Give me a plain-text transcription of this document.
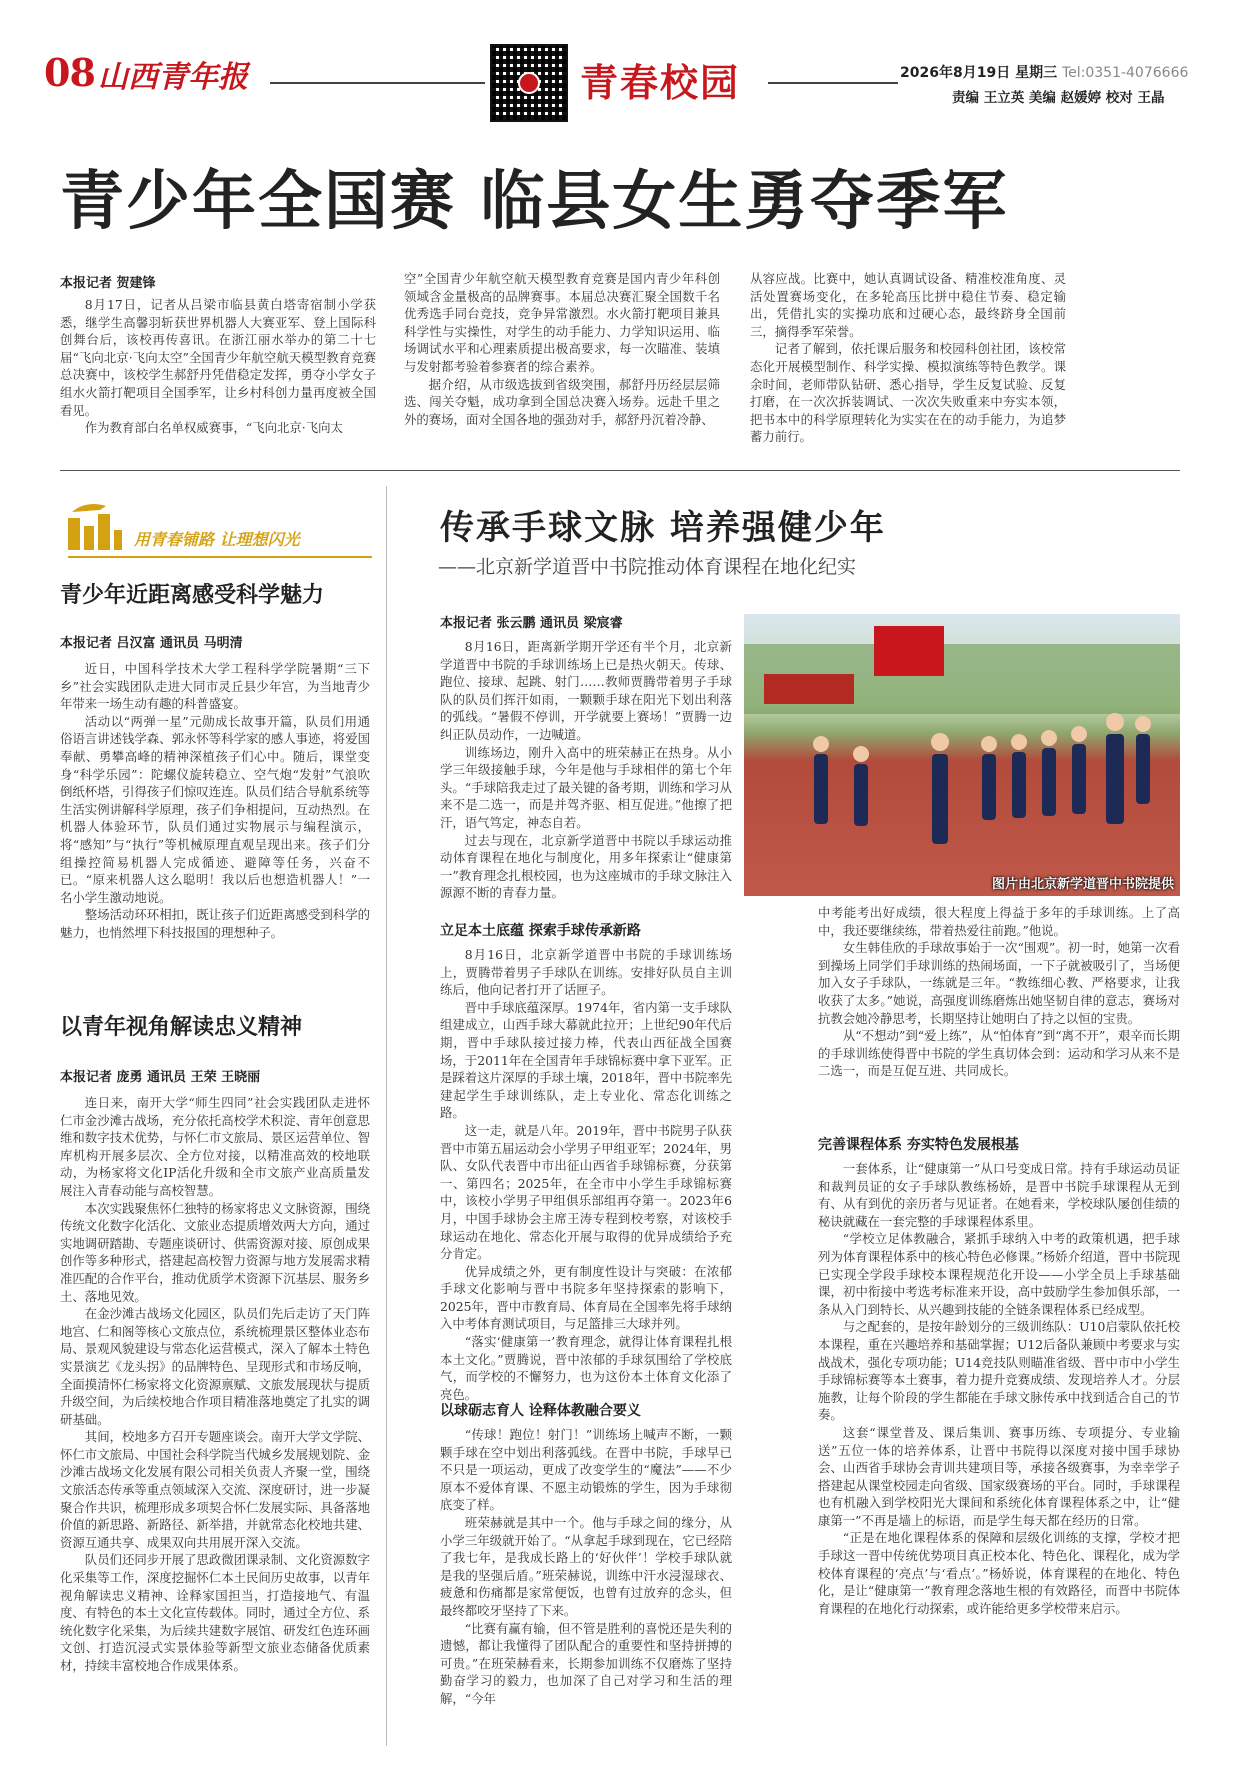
08 山西青年报	青春校园	2026年8月19日 星期三 Tel:0351-4076666
责编 王立英 美编 赵媛婷 校对 王晶
青少年全国赛 临县女生勇夺季军
本报记者 贺建锋

8月17日，记者从吕梁市临县黄白塔寄宿制小学获悉，继学生高馨羽斩获世界机器人大赛亚军、登上国际科创舞台后，该校再传喜讯。在浙江丽水举办的第二十七届“飞向北京·飞向太空”全国青少年航空航天模型教育竞赛总决赛中，该校学生郝舒丹凭借稳定发挥，勇夺小学女子组水火箭打靶项目全国季军，让乡村科创力量再度被全国看见。

作为教育部白名单权威赛事，“飞向北京·飞向太

空”全国青少年航空航天模型教育竞赛是国内青少年科创领域含金量极高的品牌赛事。本届总决赛汇聚全国数千名优秀选手同台竞技，竞争异常激烈。水火箭打靶项目兼具科学性与实操性，对学生的动手能力、力学知识运用、临场调试水平和心理素质提出极高要求，每一次瞄准、装填与发射都考验着参赛者的综合素养。

据介绍，从市级选拔到省级突围，郝舒丹历经层层筛选、闯关夺魁，成功拿到全国总决赛入场券。远赴千里之外的赛场，面对全国各地的强劲对手，郝舒丹沉着冷静、

从容应战。比赛中，她认真调试设备、精准校准角度、灵活处置赛场变化，在多轮高压比拼中稳住节奏、稳定输出，凭借扎实的实操功底和过硬心态，最终跻身全国前三，摘得季军荣誉。

记者了解到，依托课后服务和校园科创社团，该校常态化开展模型制作、科学实操、模拟演练等特色教学。课余时间，老师带队钻研、悉心指导，学生反复试验、反复打磨，在一次次拆装调试、一次次失败重来中夯实本领，把书本中的科学原理转化为实实在在的动手能力，为追梦蓄力前行。

用青春铺路 让理想闪光
青少年近距离感受科学魅力
本报记者 吕汉富 通讯员 马明清

近日，中国科学技术大学工程科学学院暑期“三下乡”社会实践团队走进大同市灵丘县少年宫，为当地青少年带来一场生动有趣的科普盛宴。

活动以“两弹一星”元勋成长故事开篇，队员们用通俗语言讲述钱学森、郭永怀等科学家的感人事迹，将爱国奉献、勇攀高峰的精神深植孩子们心中。随后，课堂变身“科学乐园”：陀螺仪旋转稳立、空气炮“发射”气浪吹倒纸杯塔，引得孩子们惊叹连连。队员们结合导航系统等生活实例讲解科学原理，孩子们争相提问，互动热烈。在机器人体验环节，队员们通过实物展示与编程演示，将“感知”与“执行”等机械原理直观呈现出来。孩子们分组操控简易机器人完成循迹、避障等任务，兴奋不已。“原来机器人这么聪明！我以后也想造机器人！”一名小学生激动地说。

整场活动环环相扣，既让孩子们近距离感受到科学的魅力，也悄然埋下科技报国的理想种子。

以青年视角解读忠义精神
本报记者 庞勇 通讯员 王荣 王晓丽

连日来，南开大学“师生四同”社会实践团队走进怀仁市金沙滩古战场，充分依托高校学术积淀、青年创意思维和数字技术优势，与怀仁市文旅局、景区运营单位、智库机构开展多层次、全方位对接，以精准高效的校地联动，为杨家将文化IP活化升级和全市文旅产业高质量发展注入青春动能与高校智慧。

本次实践聚焦怀仁独特的杨家将忠义文脉资源，围绕传统文化数字化活化、文旅业态提质增效两大方向，通过实地调研踏勘、专题座谈研讨、供需资源对接、原创成果创作等多种形式，搭建起高校智力资源与地方发展需求精准匹配的合作平台，推动优质学术资源下沉基层、服务乡土、落地见效。

在金沙滩古战场文化园区，队员们先后走访了天门阵地宫、仁和阁等核心文旅点位，系统梳理景区整体业态布局、景观风貌建设与常态化运营模式，深入了解本土特色实景演艺《龙头拐》的品牌特色、呈现形式和市场反响，全面摸清怀仁杨家将文化资源禀赋、文旅发展现状与提质升级空间，为后续校地合作项目精准落地奠定了扎实的调研基础。

其间，校地多方召开专题座谈会。南开大学文学院、怀仁市文旅局、中国社会科学院当代城乡发展规划院、金沙滩古战场文化发展有限公司相关负责人齐聚一堂，围绕文旅活态传承等重点领域深入交流、深度研讨，进一步凝聚合作共识，梳理形成多项契合怀仁发展实际、具备落地价值的新思路、新路径、新举措，并就常态化校地共建、资源互通共享、成果双向共用展开深入交流。

队员们还同步开展了思政微团课录制、文化资源数字化采集等工作，深度挖掘怀仁本土民间历史故事，以青年视角解读忠义精神、诠释家国担当，打造接地气、有温度、有特色的本土文化宣传载体。同时，通过全方位、系统化数字化采集，为后续共建数字展馆、研发红色连环画文创、打造沉浸式实景体验等新型文旅业态储备优质素材，持续丰富校地合作成果体系。

传承手球文脉 培养强健少年
——北京新学道晋中书院推动体育课程在地化纪实
本报记者 张云鹏 通讯员 梁宸睿
图片由北京新学道晋中书院提供

8月16日，距离新学期开学还有半个月，北京新学道晋中书院的手球训练场上已是热火朝天。传球、跑位、接球、起跳、射门……教师贾腾带着男子手球队的队员们挥汗如雨，一颗颗手球在阳光下划出利落的弧线。“暑假不停训，开学就要上赛场！”贾腾一边纠正队员动作，一边喊道。

训练场边，刚升入高中的班荣赫正在热身。从小学三年级接触手球，今年是他与手球相伴的第七个年头。“手球陪我走过了最关键的备考期，训练和学习从来不是二选一，而是并驾齐驱、相互促进。”他擦了把汗，语气笃定，神态自若。

过去与现在，北京新学道晋中书院以手球运动推动体育课程在地化与制度化，用多年探索让“健康第一”教育理念扎根校园，也为这座城市的手球文脉注入源源不断的青春力量。

立足本土底蕴 探索手球传承新路

8月16日，北京新学道晋中书院的手球训练场上，贾腾带着男子手球队在训练。安排好队员自主训练后，他向记者打开了话匣子。

晋中手球底蕴深厚。1974年，省内第一支手球队组建成立，山西手球大幕就此拉开；上世纪90年代后期，晋中手球队接过接力棒，代表山西征战全国赛场，于2011年在全国青年手球锦标赛中拿下亚军。正是踩着这片深厚的手球土壤，2018年，晋中书院率先建起学生手球训练队，走上专业化、常态化训练之路。

这一走，就是八年。2019年，晋中书院男子队获晋中市第五届运动会小学男子甲组亚军；2024年，男队、女队代表晋中市出征山西省手球锦标赛，分获第一、第四名；2025年，在全市中小学生手球锦标赛中，该校小学男子甲组俱乐部组再夺第一。2023年6月，中国手球协会主席王涛专程到校考察，对该校手球运动在地化、常态化开展与取得的优异成绩给予充分肯定。

优异成绩之外，更有制度性设计与突破：在浓郁手球文化影响与晋中书院多年坚持探索的影响下，2025年，晋中市教育局、体育局在全国率先将手球纳入中考体育测试项目，与足篮排三大球并列。

“落实‘健康第一’教育理念，就得让体育课程扎根本土文化。”贾腾说，晋中浓郁的手球氛围给了学校底气，而学校的不懈努力，也为这份本土体育文化添了亮色。

以球砺志育人 诠释体教融合要义

“传球！跑位！射门！”训练场上喊声不断，一颗颗手球在空中划出利落弧线。在晋中书院，手球早已不只是一项运动，更成了改变学生的“魔法”——不少原本不爱体育课、不愿主动锻炼的学生，因为手球彻底变了样。

班荣赫就是其中一个。他与手球之间的缘分，从小学三年级就开始了。“从拿起手球到现在，它已经陪了我七年，是我成长路上的‘好伙伴’！学校手球队就是我的坚强后盾。”班荣赫说，训练中汗水浸湿球衣、疲惫和伤痛都是家常便饭，也曾有过放弃的念头，但最终都咬牙坚持了下来。

“比赛有赢有输，但不管是胜利的喜悦还是失利的遗憾，都让我懂得了团队配合的重要性和坚持拼搏的可贵。”在班荣赫看来，长期参加训练不仅磨炼了坚持勤奋学习的毅力，也加深了自己对学习和生活的理解，“今年

中考能考出好成绩，很大程度上得益于多年的手球训练。上了高中，我还要继续练，带着热爱往前跑。”他说。

女生韩佳欣的手球故事始于一次“围观”。初一时，她第一次看到操场上同学们手球训练的热闹场面，一下子就被吸引了，当场便加入女子手球队，一练就是三年。“教练细心教、严格要求，让我收获了太多。”她说，高强度训练磨炼出她坚韧自律的意志，赛场对抗教会她冷静思考，长期坚持让她明白了持之以恒的宝贵。

从“不想动”到“爱上练”，从“怕体育”到“离不开”，艰辛而长期的手球训练使得晋中书院的学生真切体会到：运动和学习从来不是二选一，而是互促互进、共同成长。

完善课程体系 夯实特色发展根基

一套体系，让“健康第一”从口号变成日常。持有手球运动员证和裁判员证的女子手球队教练杨娇，是晋中书院手球课程从无到有、从有到优的亲历者与见证者。在她看来，学校球队屡创佳绩的秘诀就藏在一套完整的手球课程体系里。

“学校立足体教融合，紧抓手球纳入中考的政策机遇，把手球列为体育课程体系中的核心特色必修课。”杨娇介绍道，晋中书院现已实现全学段手球校本课程规范化开设——小学全员上手球基础课，初中衔接中考选考标准来开设，高中鼓励学生参加俱乐部，一条从入门到特长、从兴趣到技能的全链条课程体系已经成型。

与之配套的，是按年龄划分的三级训练队：U10启蒙队依托校本课程，重在兴趣培养和基础掌握；U12后备队兼顾中考要求与实战战术，强化专项功能；U14竞技队则瞄准省级、晋中市中小学生手球锦标赛等本土赛事，着力提升竞赛成绩、发现培养人才。分层施教，让每个阶段的学生都能在手球文脉传承中找到适合自己的节奏。

这套“课堂普及、课后集训、赛事历练、专项提分、专业输送”五位一体的培养体系，让晋中书院得以深度对接中国手球协会、山西省手球协会青训共建项目等，承接各级赛事，为幸幸学子搭建起从课堂校园走向省级、国家级赛场的平台。同时，手球课程也有机融入到学校阳光大课间和系统化体育课程体系之中，让“健康第一”不再是墙上的标语，而是学生每天都在经历的日常。

“正是在地化课程体系的保障和层级化训练的支撑，学校才把手球这一晋中传统优势项目真正校本化、特色化、课程化，成为学校体育课程的‘亮点’与‘看点’。”杨娇说，体育课程的在地化、特色化，是让“健康第一”教育理念落地生根的有效路径，而晋中书院体育课程的在地化行动探索，或许能给更多学校带来启示。
